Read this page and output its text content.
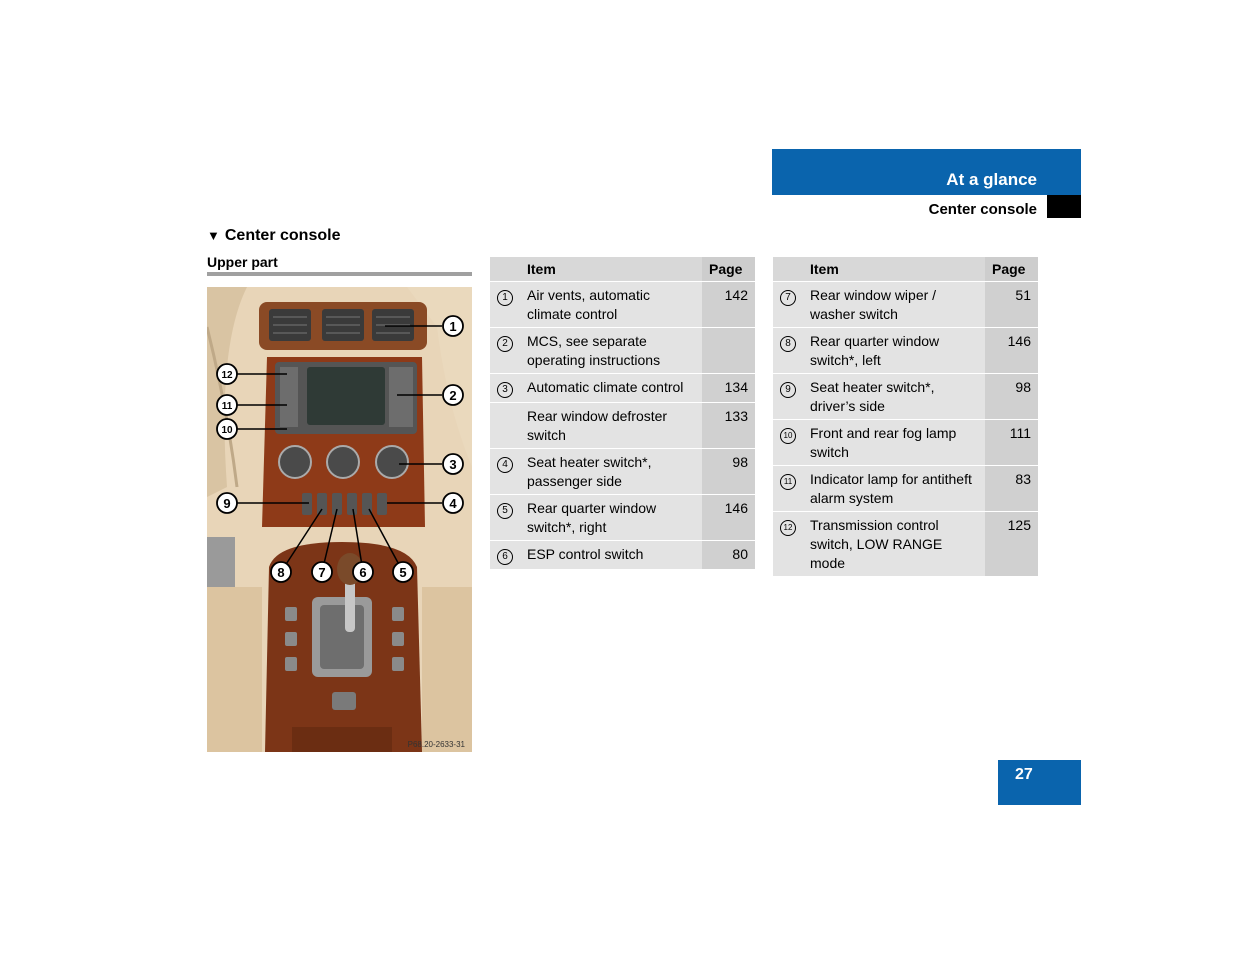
At a glance
Center console
▼ Center console
Upper part
1
2
3
4
5
6
7
8
9
10
11
12
P68.20-2633-31
	Item	Page
1	Air vents, automatic climate control	142
2	MCS, see separate operating instructions	
3	Automatic climate control	134
	Rear window defroster switch	133
4	Seat heater switch*, passenger side	98
5	Rear quarter window switch*, right	146
6	ESP control switch	80
	Item	Page
7	Rear window wiper / washer switch	51
8	Rear quarter window switch*, left	146
9	Seat heater switch*, driver’s side	98
10	Front and rear fog lamp switch	111
11	Indicator lamp for antitheft alarm system	83
12	Transmission control switch, LOW RANGE mode	125
27
